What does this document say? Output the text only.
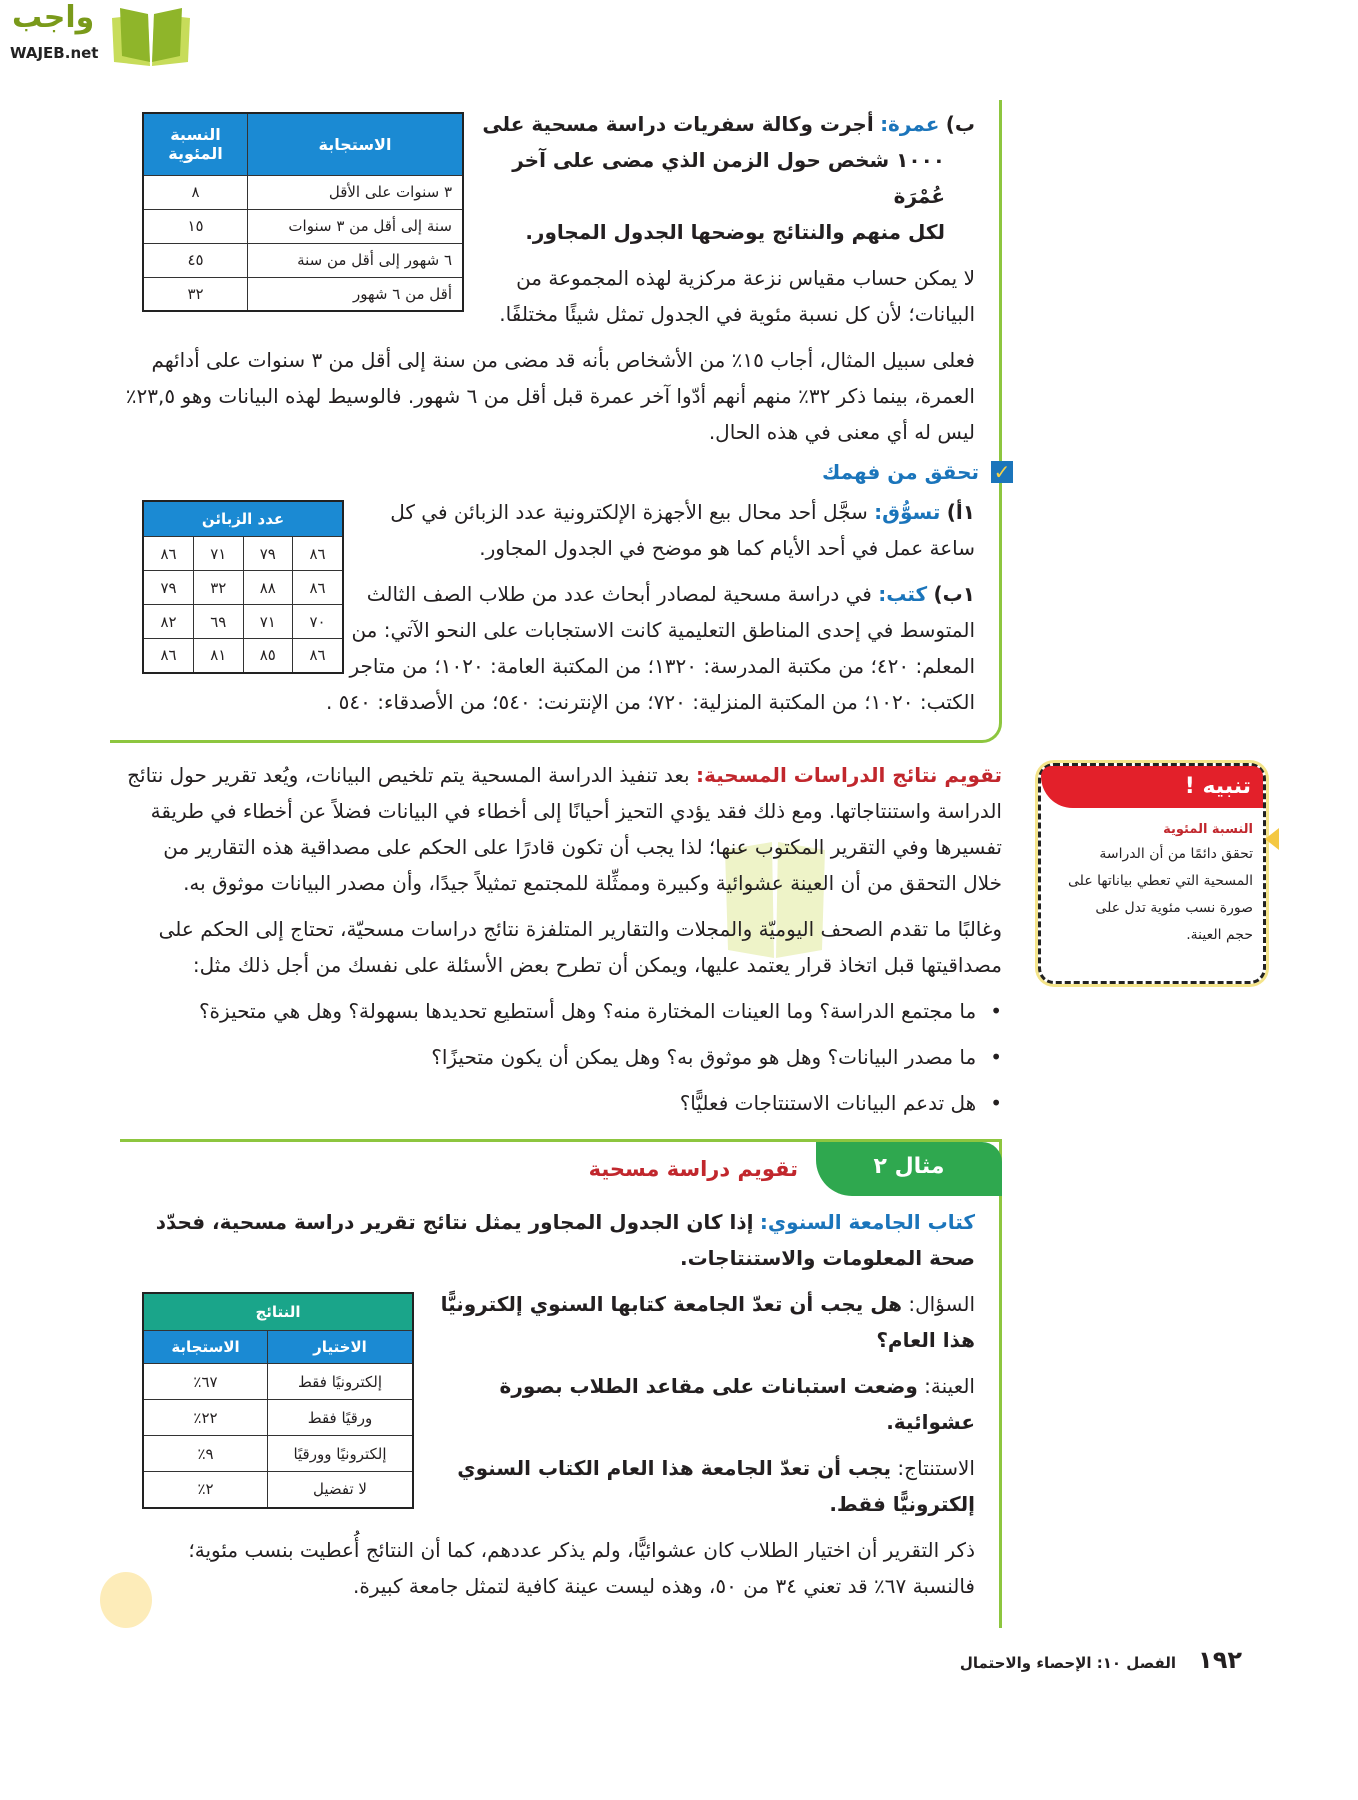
واجب
WAJEB.net
الاستجابة	النسبة المئوية
٣ سنوات على الأقل	٨
سنة إلى أقل من ٣ سنوات	١٥
٦ شهور إلى أقل من سنة	٤٥
أقل من ٦ شهور	٣٢
ب) عمرة: أجرت وكالة سفريات دراسة مسحية على
١٠٠٠ شخص حول الزمن الذي مضى على آخر عُمْرَة
لكل منهم والنتائج يوضحها الجدول المجاور.
لا يمكن حساب مقياس نزعة مركزية لهذه المجموعة من البيانات؛ لأن كل نسبة مئوية في الجدول تمثل شيئًا مختلفًا.
فعلى سبيل المثال، أجاب ١٥٪ من الأشخاص بأنه قد مضى من سنة إلى أقل من ٣ سنوات على أدائهم العمرة، بينما ذكر ٣٢٪ منهم أنهم أدّوا آخر عمرة قبل أقل من ٦ شهور. فالوسيط لهذه البيانات وهو ٢٣,٥٪ ليس له أي معنى في هذه الحال.
✓
تحقق من فهمك
عدد الزبائن			
٨٦	٧٩	٧١	٨٦
٨٦	٨٨	٣٢	٧٩
٧٠	٧١	٦٩	٨٢
٨٦	٨٥	٨١	٨٦
١أ) تسوُّق: سجَّل أحد محال بيع الأجهزة الإلكترونية عدد الزبائن في كل ساعة عمل في أحد الأيام كما هو موضح في الجدول المجاور.
١ب) كتب: في دراسة مسحية لمصادر أبحاث عدد من طلاب الصف الثالث المتوسط في إحدى المناطق التعليمية كانت الاستجابات على النحو الآتي: من المعلم: ٤٢٠؛ من مكتبة المدرسة: ١٣٢٠؛ من المكتبة العامة: ١٠٢٠؛ من متاجر الكتب: ١٠٢٠؛ من المكتبة المنزلية: ٧٢٠؛ من الإنترنت: ٥٤٠؛ من الأصدقاء: ٥٤٠ .
تقويم نتائج الدراسات المسحية: بعد تنفيذ الدراسة المسحية يتم تلخيص البيانات، ويُعد تقرير حول نتائج الدراسة واستنتاجاتها. ومع ذلك فقد يؤدي التحيز أحيانًا إلى أخطاء في البيانات فضلاً عن أخطاء في طريقة تفسيرها وفي التقرير المكتوب عنها؛ لذا يجب أن تكون قادرًا على الحكم على مصداقية هذه التقارير من خلال التحقق من أن العينة عشوائية وكبيرة وممثِّلة للمجتمع تمثيلاً جيدًا، وأن مصدر البيانات موثوق به.
وغالبًا ما تقدم الصحف اليوميّة والمجلات والتقارير المتلفزة نتائج دراسات مسحيّة، تحتاج إلى الحكم على مصداقيتها قبل اتخاذ قرار يعتمد عليها، ويمكن أن تطرح بعض الأسئلة على نفسك من أجل ذلك مثل:
• ما مجتمع الدراسة؟ وما العينات المختارة منه؟ وهل أستطيع تحديدها بسهولة؟ وهل هي متحيزة؟
• ما مصدر البيانات؟ وهل هو موثوق به؟ وهل يمكن أن يكون متحيزًا؟
• هل تدعم البيانات الاستنتاجات فعليًّا؟
تنبيه !
النسبة المئوية
تحقق دائمًا من أن الدراسة المسحية التي تعطي بياناتها على صورة نسب مئوية تدل على حجم العينة.
مثال ٢
تقويم دراسة مسحية
كتاب الجامعة السنوي: إذا كان الجدول المجاور يمثل نتائج تقرير دراسة مسحية، فحدّد صحة المعلومات والاستنتاجات.
النتائج	
الاختيار	الاستجابة
إلكترونيًا فقط	٦٧٪
ورقيًا فقط	٢٢٪
إلكترونيًا وورقيًا	٩٪
لا تفضيل	٢٪
السؤال: هل يجب أن تعدّ الجامعة كتابها السنوي إلكترونيًّا هذا العام؟
العينة: وضعت استبانات على مقاعد الطلاب بصورة عشوائية.
الاستنتاج: يجب أن تعدّ الجامعة هذا العام الكتاب السنوي إلكترونيًّا فقط.
ذكر التقرير أن اختيار الطلاب كان عشوائيًّا، ولم يذكر عددهم، كما أن النتائج أُعطيت بنسب مئوية؛ فالنسبة ٦٧٪ قد تعني ٣٤ من ٥٠، وهذه ليست عينة كافية لتمثل جامعة كبيرة.
١٩٢
الفصل ١٠: الإحصاء والاحتمال
